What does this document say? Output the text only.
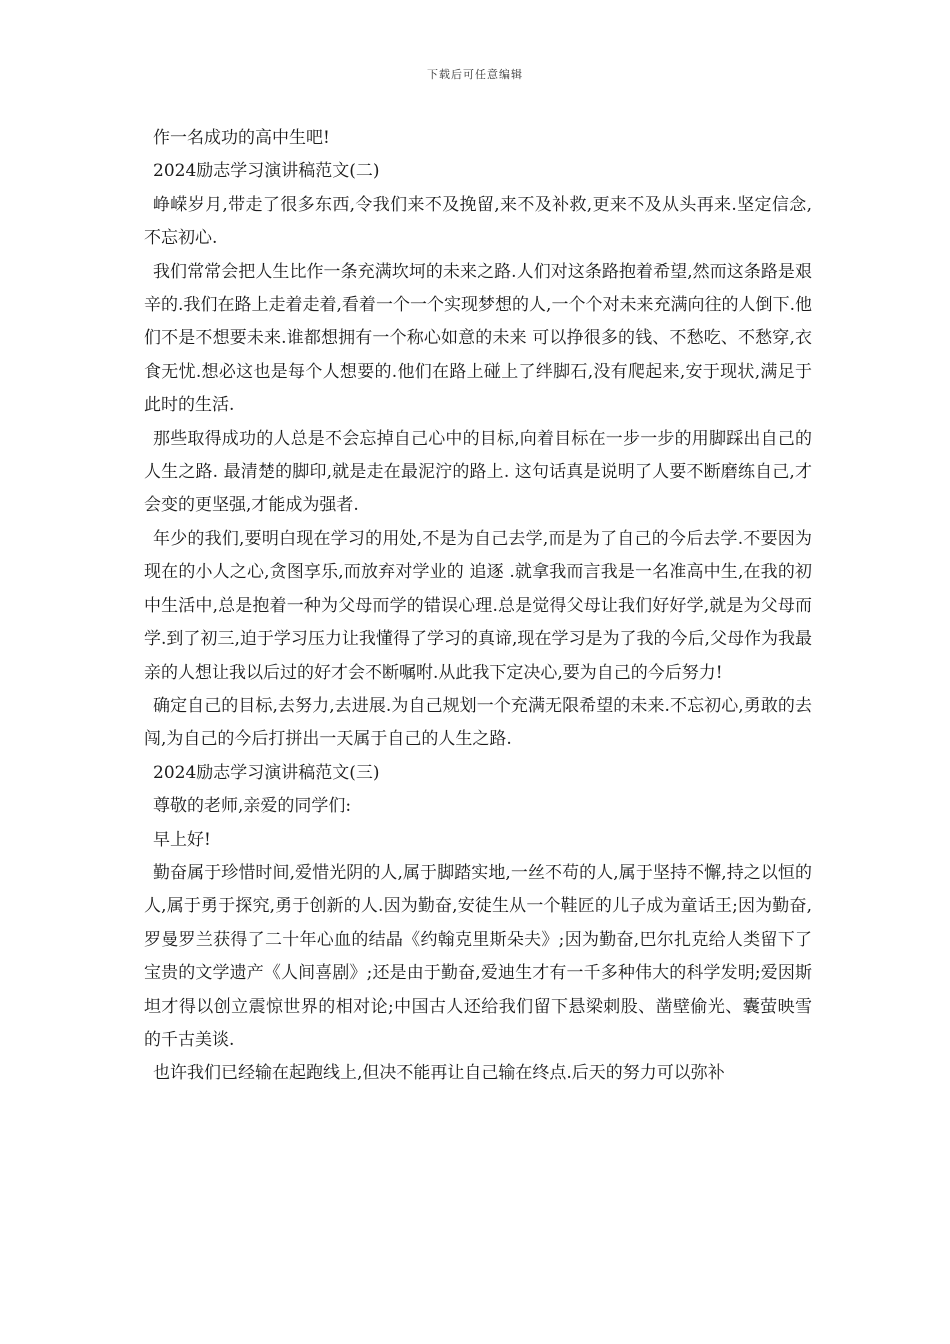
下载后可任意编辑

作一名成功的高中生吧!

2024励志学习演讲稿范文(二)

峥嵘岁月,带走了很多东西,令我们来不及挽留,来不及补救,更来不及从头再来.坚定信念,不忘初心.

我们常常会把人生比作一条充满坎坷的未来之路.人们对这条路抱着希望,然而这条路是艰辛的.我们在路上走着走着,看着一个一个实现梦想的人,一个个对未来充满向往的人倒下.他们不是不想要未来.谁都想拥有一个称心如意的未来 可以挣很多的钱、不愁吃、不愁穿,衣食无忧.想必这也是每个人想要的.他们在路上碰上了绊脚石,没有爬起来,安于现状,满足于此时的生活.

那些取得成功的人总是不会忘掉自己心中的目标,向着目标在一步一步的用脚踩出自己的人生之路. 最清楚的脚印,就是走在最泥泞的路上. 这句话真是说明了人要不断磨练自己,才会变的更坚强,才能成为强者.

年少的我们,要明白现在学习的用处,不是为自己去学,而是为了自己的今后去学.不要因为现在的小人之心,贪图享乐,而放弃对学业的 追逐 .就拿我而言我是一名准高中生,在我的初中生活中,总是抱着一种为父母而学的错误心理.总是觉得父母让我们好好学,就是为父母而学.到了初三,迫于学习压力让我懂得了学习的真谛,现在学习是为了我的今后,父母作为我最亲的人想让我以后过的好才会不断嘱咐.从此我下定决心,要为自己的今后努力!

确定自己的目标,去努力,去进展.为自己规划一个充满无限希望的未来.不忘初心,勇敢的去闯,为自己的今后打拼出一天属于自己的人生之路.

2024励志学习演讲稿范文(三)

尊敬的老师,亲爱的同学们:

早上好!

勤奋属于珍惜时间,爱惜光阴的人,属于脚踏实地,一丝不苟的人,属于坚持不懈,持之以恒的人,属于勇于探究,勇于创新的人.因为勤奋,安徒生从一个鞋匠的儿子成为童话王;因为勤奋,罗曼罗兰获得了二十年心血的结晶《约翰克里斯朵夫》;因为勤奋,巴尔扎克给人类留下了宝贵的文学遗产《人间喜剧》;还是由于勤奋,爱迪生才有一千多种伟大的科学发明;爱因斯坦才得以创立震惊世界的相对论;中国古人还给我们留下悬梁刺股、凿壁偷光、囊萤映雪的千古美谈.

也许我们已经输在起跑线上,但决不能再让自己输在终点.后天的努力可以弥补
